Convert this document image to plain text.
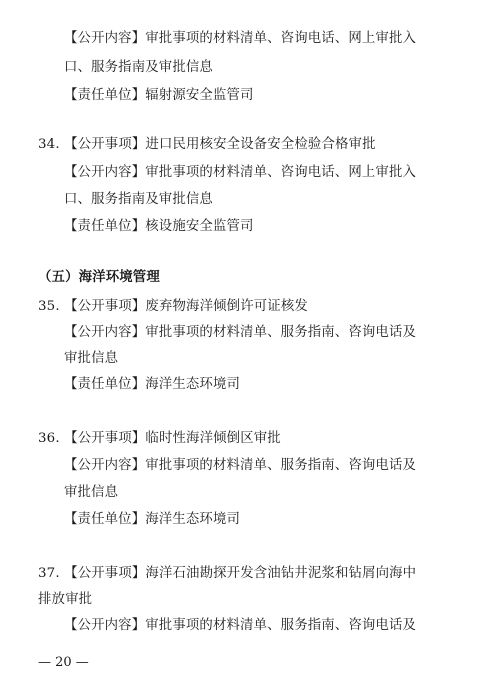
【公开内容】审批事项的材料清单、咨询电话、网上审批入
口、服务指南及审批信息
【责任单位】辐射源安全监管司
34. 【公开事项】进口民用核安全设备安全检验合格审批
【公开内容】审批事项的材料清单、咨询电话、网上审批入
口、服务指南及审批信息
【责任单位】核设施安全监管司
（五）海洋环境管理
35. 【公开事项】废弃物海洋倾倒许可证核发
【公开内容】审批事项的材料清单、服务指南、咨询电话及
审批信息
【责任单位】海洋生态环境司
36. 【公开事项】临时性海洋倾倒区审批
【公开内容】审批事项的材料清单、服务指南、咨询电话及
审批信息
【责任单位】海洋生态环境司
37. 【公开事项】海洋石油勘探开发含油钻井泥浆和钻屑向海中
排放审批
【公开内容】审批事项的材料清单、服务指南、咨询电话及
— 20 —
